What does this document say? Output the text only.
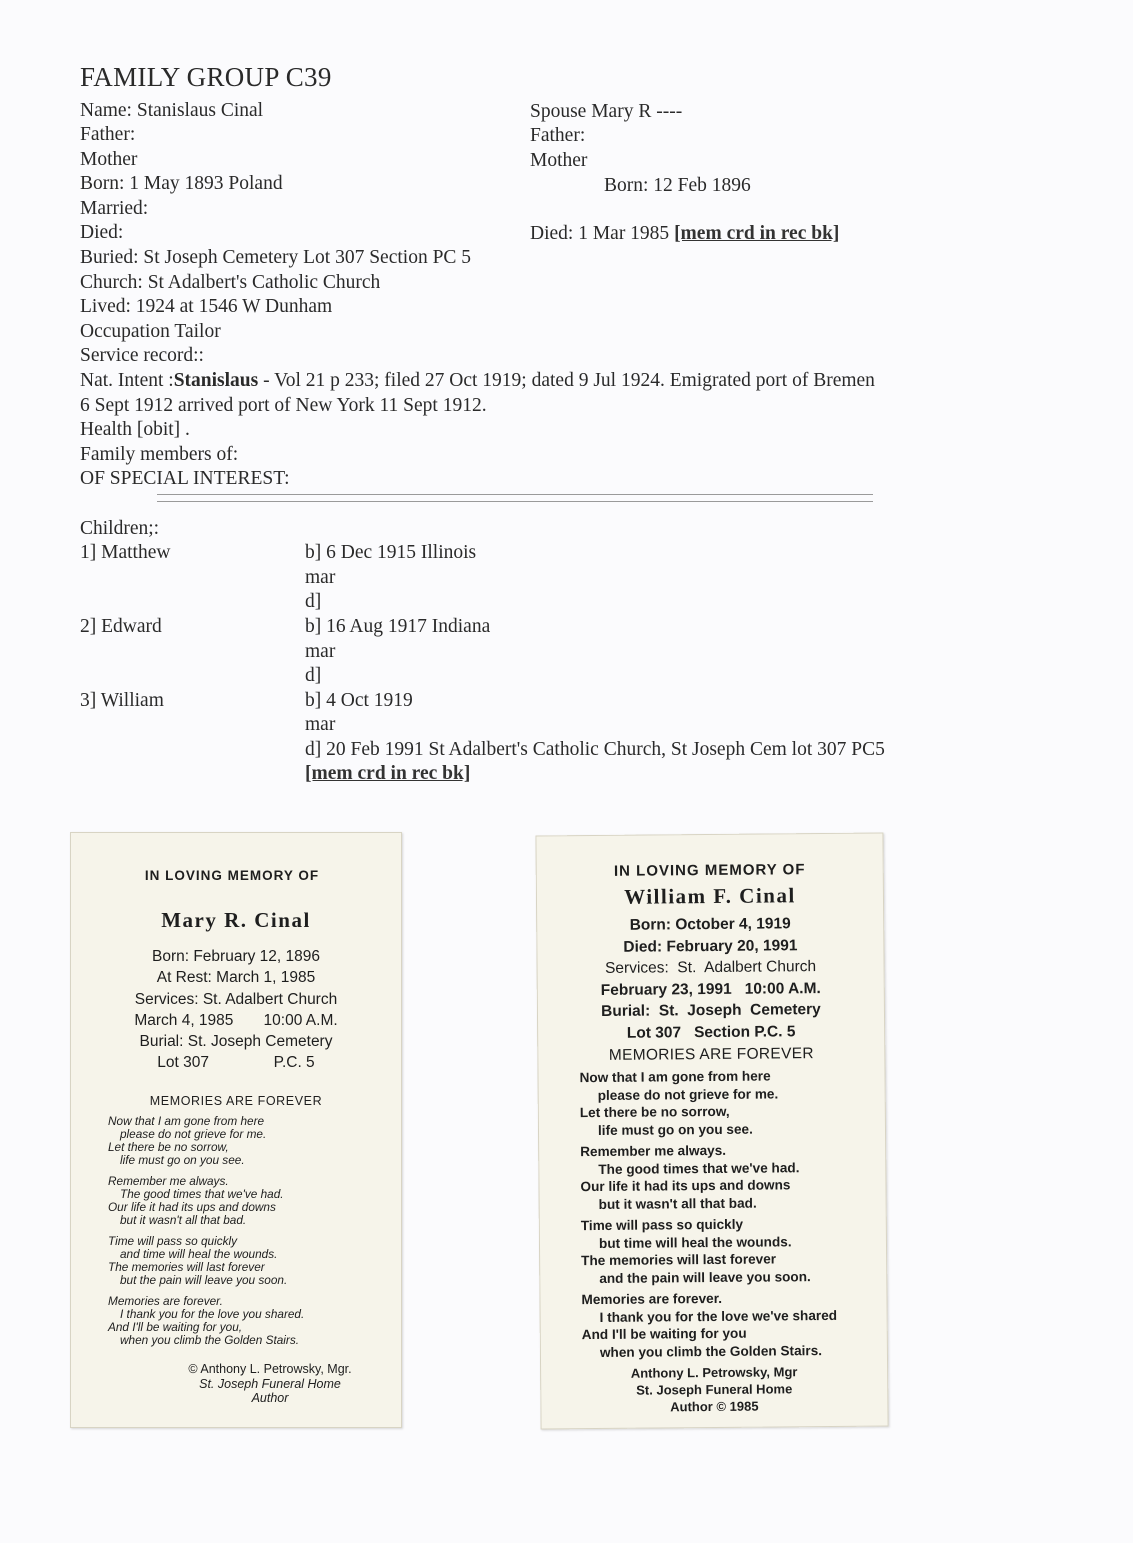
FAMILY GROUP C39
Name: Stanislaus Cinal
Father:
Mother
Born: 1 May 1893 Poland
Married:
Died:
Buried: St Joseph Cemetery Lot 307 Section PC 5
Church: St Adalbert's Catholic Church
Lived: 1924 at 1546 W Dunham
Occupation Tailor
Service record::
Nat. Intent :Stanislaus - Vol 21 p 233; filed 27 Oct 1919; dated 9 Jul 1924. Emigrated port of Bremen
6 Sept 1912 arrived port of New York 11 Sept 1912.
Health [obit] .
Family members of:
OF SPECIAL INTEREST:
Spouse Mary R ----
Father:
Mother
Born: 12 Feb 1896
Died: 1 Mar 1985 [mem crd in rec bk]
Children;:
1] Matthew	b] 6 Dec 1915 Illinois
mar
d]
2] Edward	b] 16 Aug 1917 Indiana
mar
d]
3] William	b] 4 Oct 1919
mar
d] 20 Feb 1991 St Adalbert's Catholic Church, St Joseph Cem lot 307 PC5
[mem crd in rec bk]
IN LOVING MEMORY OF
Mary R. Cinal
Born: February 12, 1896
At Rest: March 1, 1985
Services: St. Adalbert Church
March 4, 1985       10:00 A.M.
Burial: St. Joseph Cemetery
Lot 307               P.C. 5
MEMORIES ARE FOREVER
Now that I am gone from here
please do not grieve for me.
Let there be no sorrow,
life must go on you see.
Remember me always.
The good times that we've had.
Our life it had its ups and downs
but it wasn't all that bad.
Time will pass so quickly
and time will heal the wounds.
The memories will last forever
but the pain will leave you soon.
Memories are forever.
I thank you for the love you shared.
And I'll be waiting for you,
when you climb the Golden Stairs.
© Anthony L. Petrowsky, Mgr.
St. Joseph Funeral Home
Author
IN LOVING MEMORY OF
William F. Cinal
Born: October 4, 1919
Died: February 20, 1991
Services:  St.  Adalbert Church
February 23, 1991   10:00 A.M.
Burial:  St.  Joseph  Cemetery
Lot 307   Section P.C. 5
MEMORIES ARE FOREVER
Now that I am gone from here
please do not grieve for me.
Let there be no sorrow,
life must go on you see.
Remember me always.
The good times that we've had.
Our life it had its ups and downs
but it wasn't all that bad.
Time will pass so quickly
but time will heal the wounds.
The memories will last forever
and the pain will leave you soon.
Memories are forever.
I thank you for the love we've shared
And I'll be waiting for you
when you climb the Golden Stairs.
Anthony L. Petrowsky, Mgr
St. Joseph Funeral Home
Author © 1985
